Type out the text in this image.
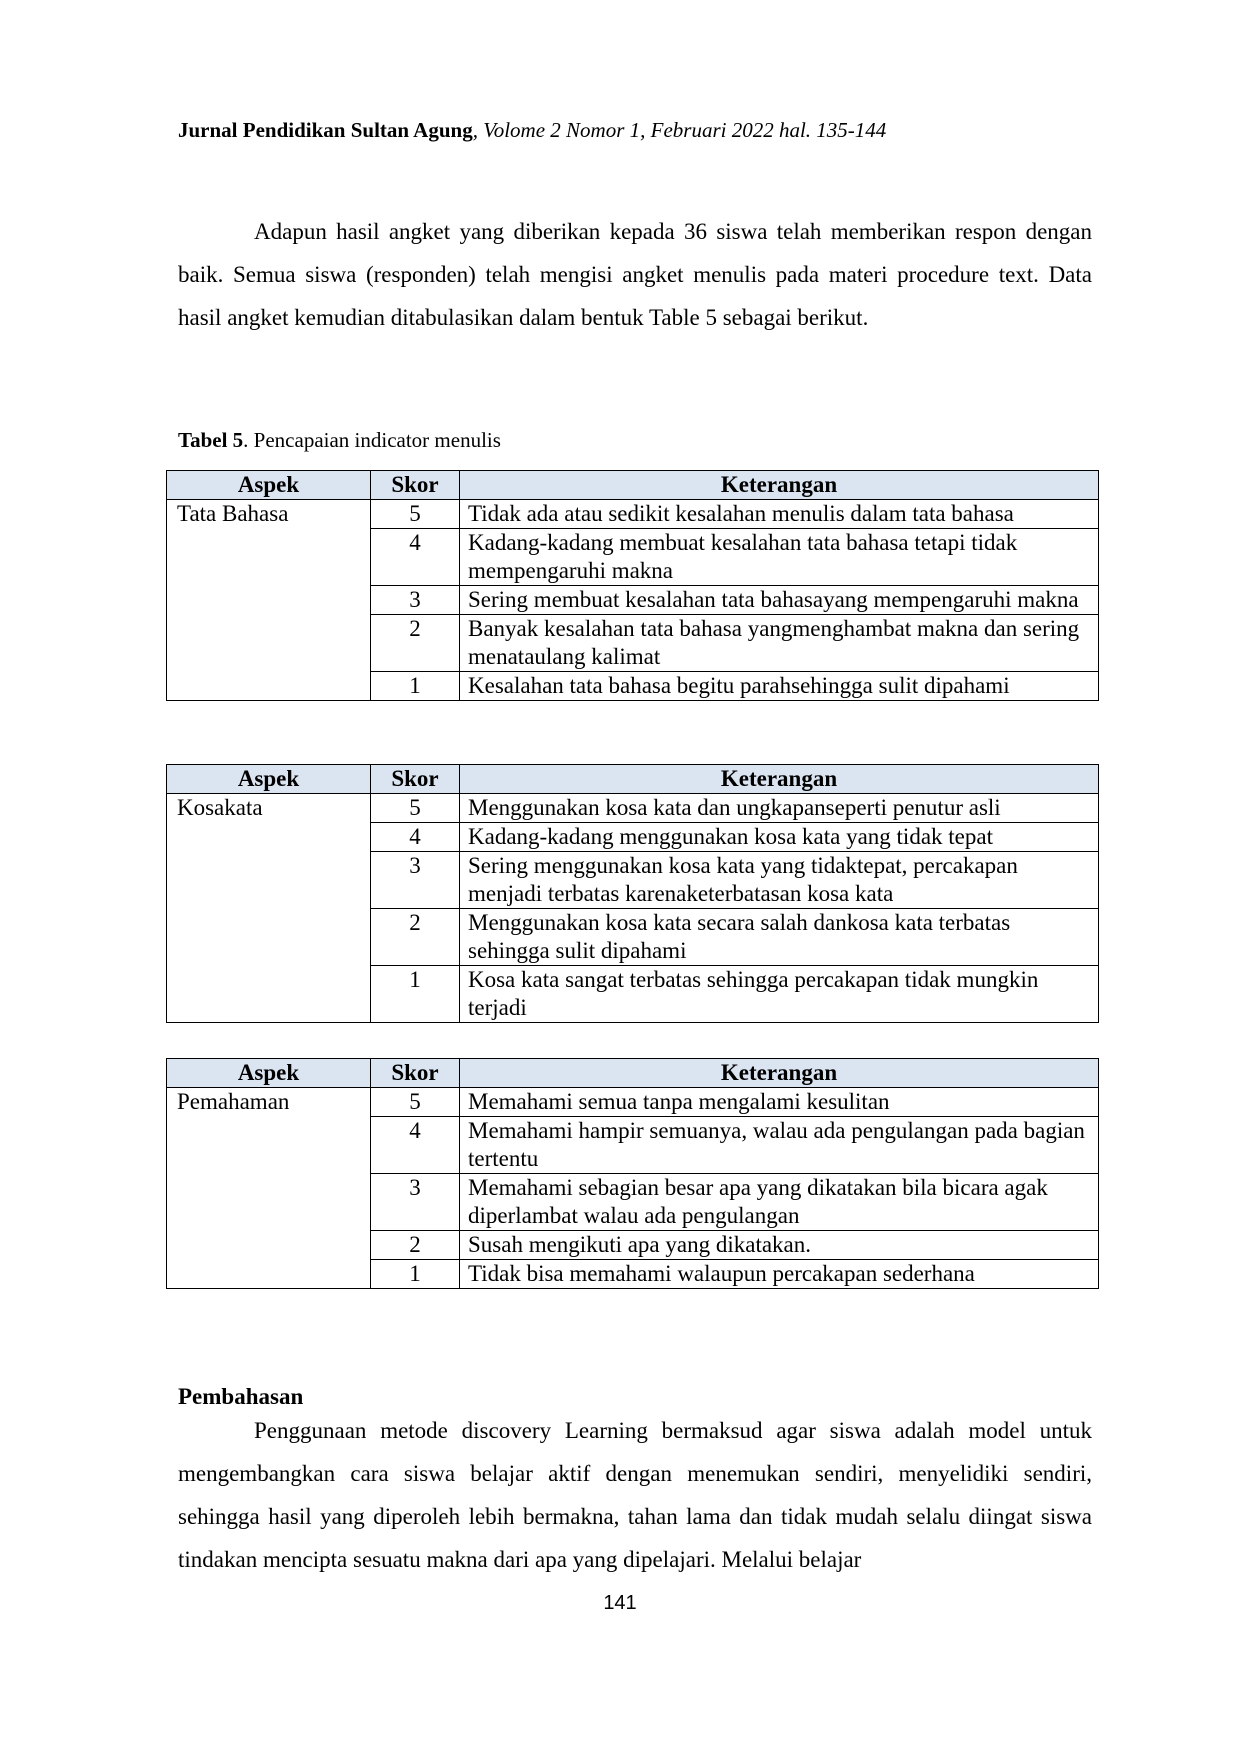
Jurnal Pendidikan Sultan Agung, Volome 2 Nomor 1, Februari 2022 hal. 135-144

Adapun hasil angket yang diberikan kepada 36 siswa telah memberikan respon dengan baik. Semua siswa (responden) telah mengisi angket menulis pada materi procedure text. Data hasil angket kemudian ditabulasikan dalam bentuk Table 5 sebagai berikut.

Tabel 5. Pencapaian indicator menulis
Aspek	Skor	Keterangan
Tata Bahasa	5	Tidak ada atau sedikit kesalahan menulis dalam tata bahasa
	4	Kadang-kadang membuat kesalahan tata bahasa tetapi tidak mempengaruhi makna
	3	Sering membuat kesalahan tata bahasayang mempengaruhi makna
	2	Banyak kesalahan tata bahasa yangmenghambat makna dan sering menataulang kalimat
	1	Kesalahan tata bahasa begitu parahsehingga sulit dipahami
Aspek	Skor	Keterangan
Kosakata	5	Menggunakan kosa kata dan ungkapanseperti penutur asli
	4	Kadang-kadang menggunakan kosa kata yang tidak tepat
	3	Sering menggunakan kosa kata yang tidaktepat, percakapan menjadi terbatas karenaketerbatasan kosa kata
	2	Menggunakan kosa kata secara salah dankosa kata terbatas sehingga sulit dipahami
	1	Kosa kata sangat terbatas sehingga percakapan tidak mungkin terjadi
Aspek	Skor	Keterangan
Pemahaman	5	Memahami semua tanpa mengalami kesulitan
	4	Memahami hampir semuanya, walau ada pengulangan pada bagian tertentu
	3	Memahami sebagian besar apa yang dikatakan bila bicara agak diperlambat walau ada pengulangan
	2	Susah mengikuti apa yang dikatakan.
	1	Tidak bisa memahami walaupun percakapan sederhana
Pembahasan

Penggunaan metode discovery Learning bermaksud agar siswa adalah model untuk mengembangkan cara siswa belajar aktif dengan menemukan sendiri, menyelidiki sendiri, sehingga hasil yang diperoleh lebih bermakna, tahan lama dan tidak mudah selalu diingat siswa tindakan mencipta sesuatu makna dari apa yang dipelajari. Melalui belajar

141
